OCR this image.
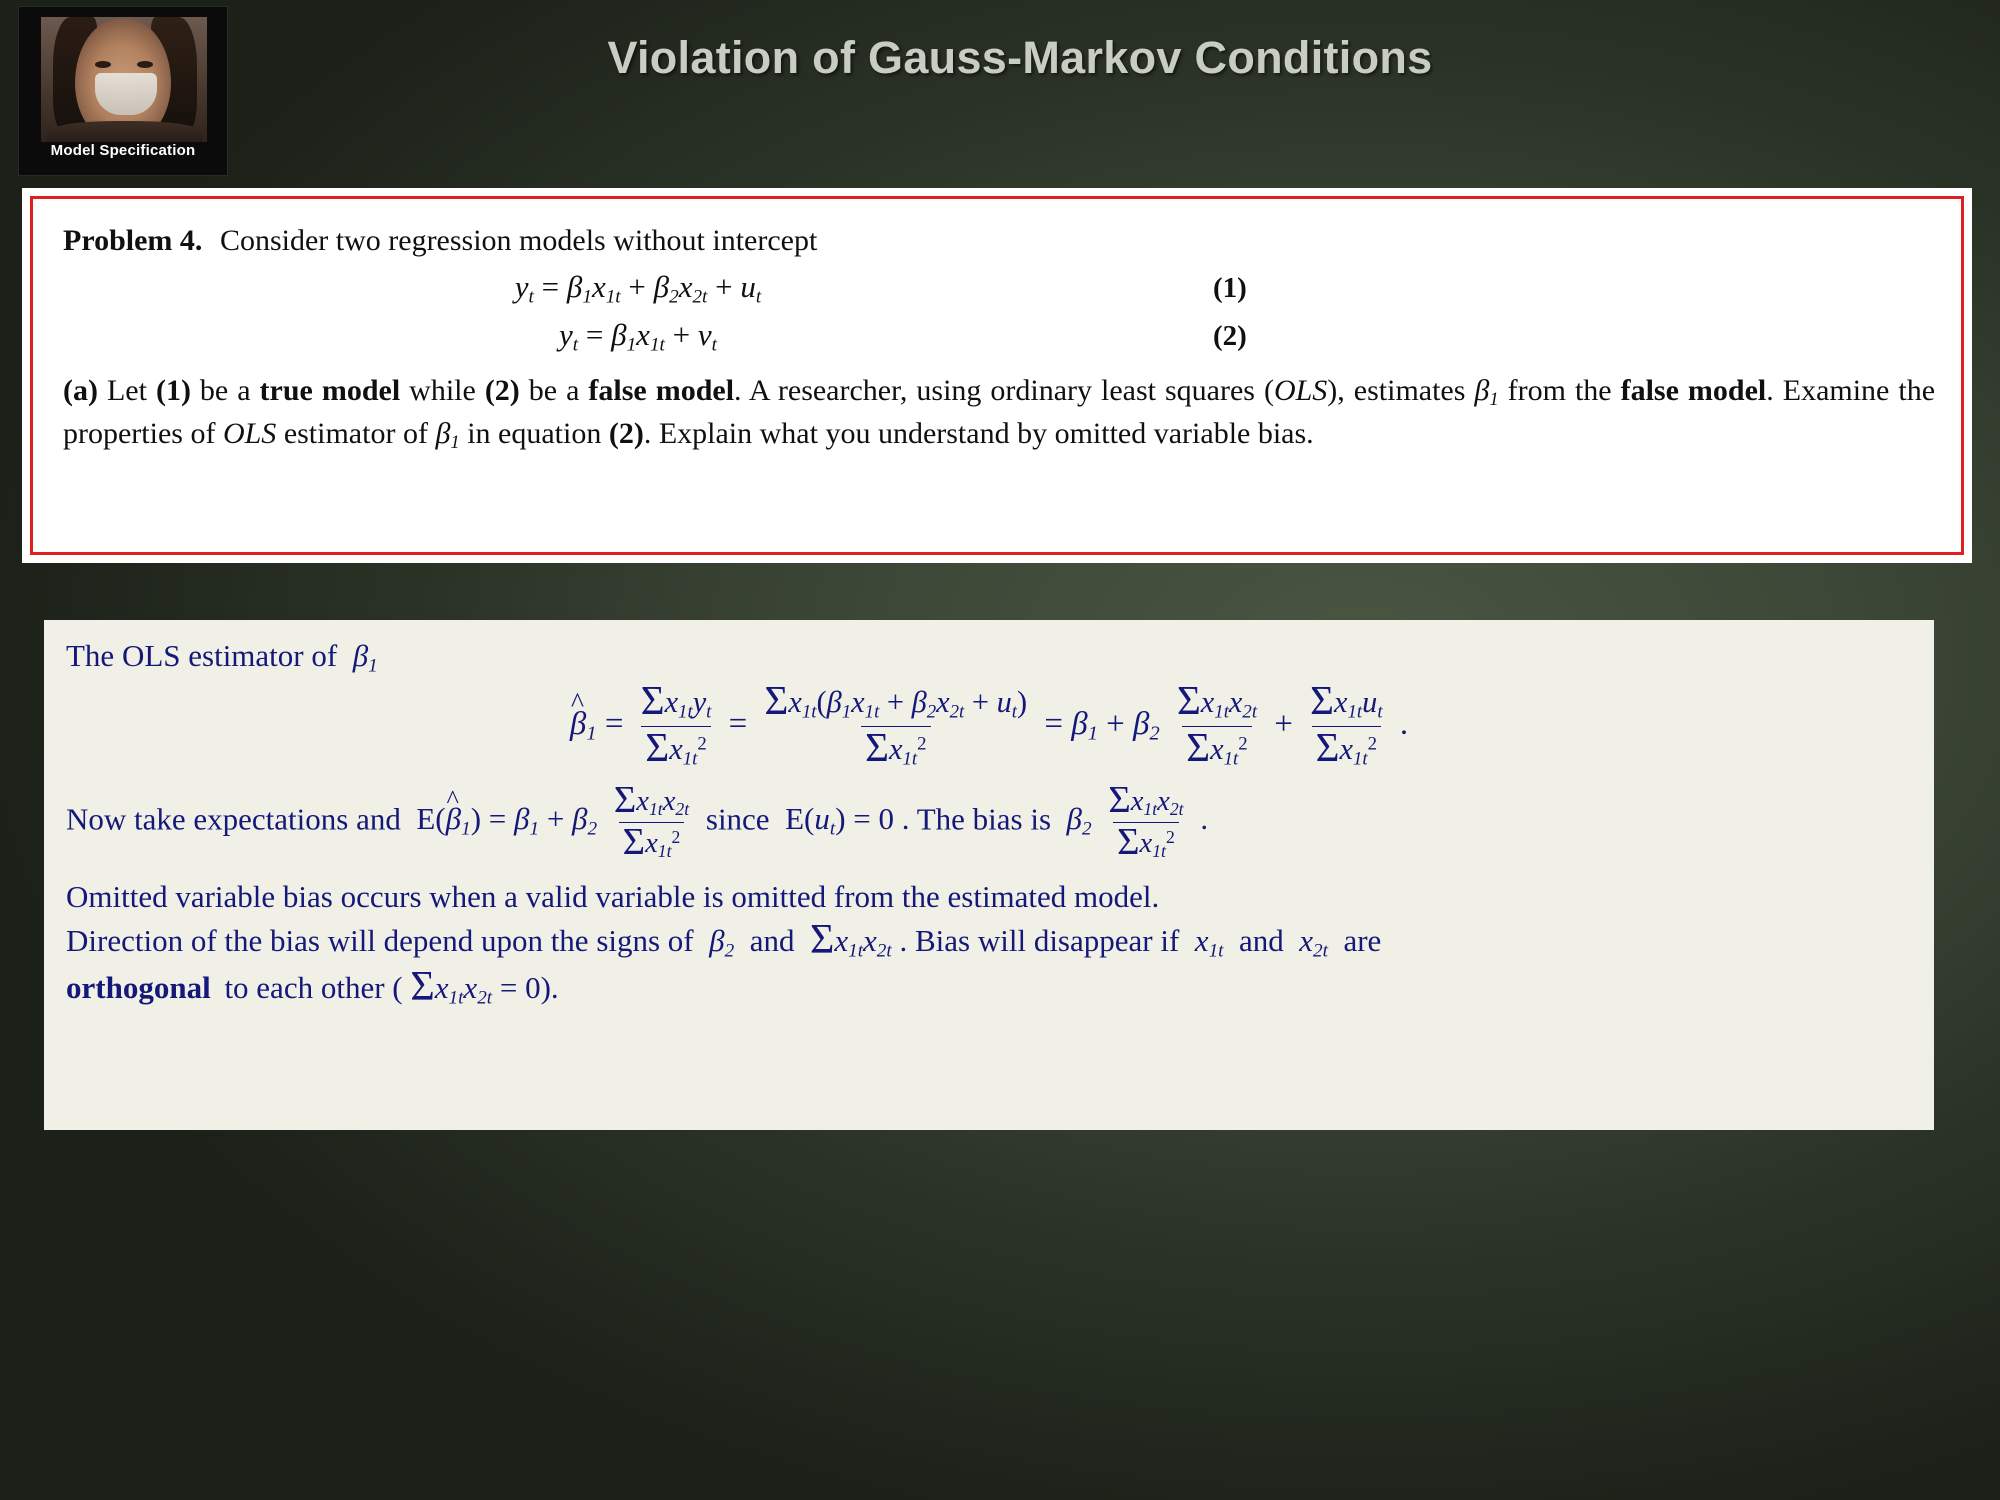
Model Specification
Violation of Gauss-Markov Conditions
Problem 4. Consider two regression models without intercept
$y_t = \beta_1x_{1t} + \beta_2x_{2t} + u_t$	(1)
$y_t = \beta_1x_{1t} + v_t$	(2)
(a) Let (1) be a true model while (2) be a false model. A researcher, using ordinary least squares (OLS), estimates $\beta_1$ from the false model. Examine the properties of OLS estimator of $\beta_1$ in equation (2). Explain what you understand by omitted variable bias.
The OLS estimator of  $\beta_1$
β $\^{}_1 = \frac{\Sigma x_{1t}y_t}{\Sigma x_{1t}^2} = \frac{\Sigma x_{1t}(\beta_1x_{1t} + \beta_2x_{2t} + u_t)}{\Sigma x_{1t}^2} = \beta_1 + \beta_2 \frac{\Sigma x_{1t}x_{2t}}{\Sigma x_{1t}^2} + \frac{\Sigma x_{1t}u_t}{\Sigma x_{1t}^2}$ .
Now take expectations and  E(β $\^{}_1) = \beta_1 + \beta_2 \frac{\Sigma x_{1t}x_{2t}}{\Sigma x_{1t}^2}$ since  $E(u_t) = 0$ . The bias is $\beta_2 \frac{\Sigma x_{1t}x_{2t}}{\Sigma x_{1t}^2}$ .
Omitted variable bias occurs when a valid variable is omitted from the estimated model.
Direction of the bias will depend upon the signs of  $\beta_2$ and $\Sigma x_{1t}x_{2t}$ . Bias will disappear if  $x_{1t}$ and  $x_{2t}$ are
orthogonal to each other ( $\Sigma x_{1t}x_{2t} = 0$).
